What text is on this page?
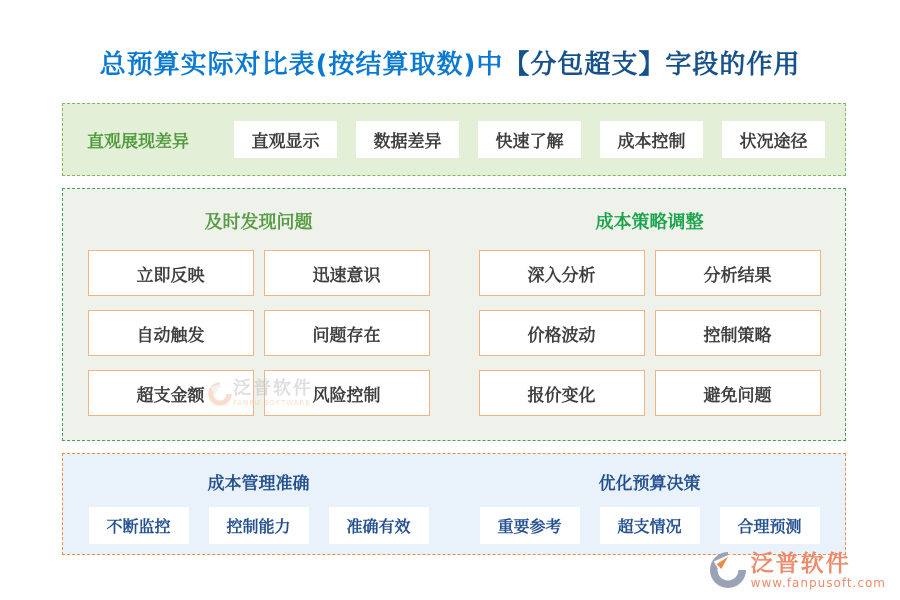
总预算实际对比表(按结算取数)中【分包超支】字段的作用
直观展现差异	直观显示	数据差异	快速了解	成本控制	状况途径
及时发现问题
立即反映	迅速意识
自动触发	问题存在
超支金额	风险控制
成本策略调整
深入分析	分析结果
价格波动	控制策略
报价变化	避免问题
成本管理准确
不断监控	控制能力	准确有效
优化预算决策
重要参考	超支情况	合理预测
泛普软件
FANPU SOFTWARE
泛普软件
www.fanpusoft.com
